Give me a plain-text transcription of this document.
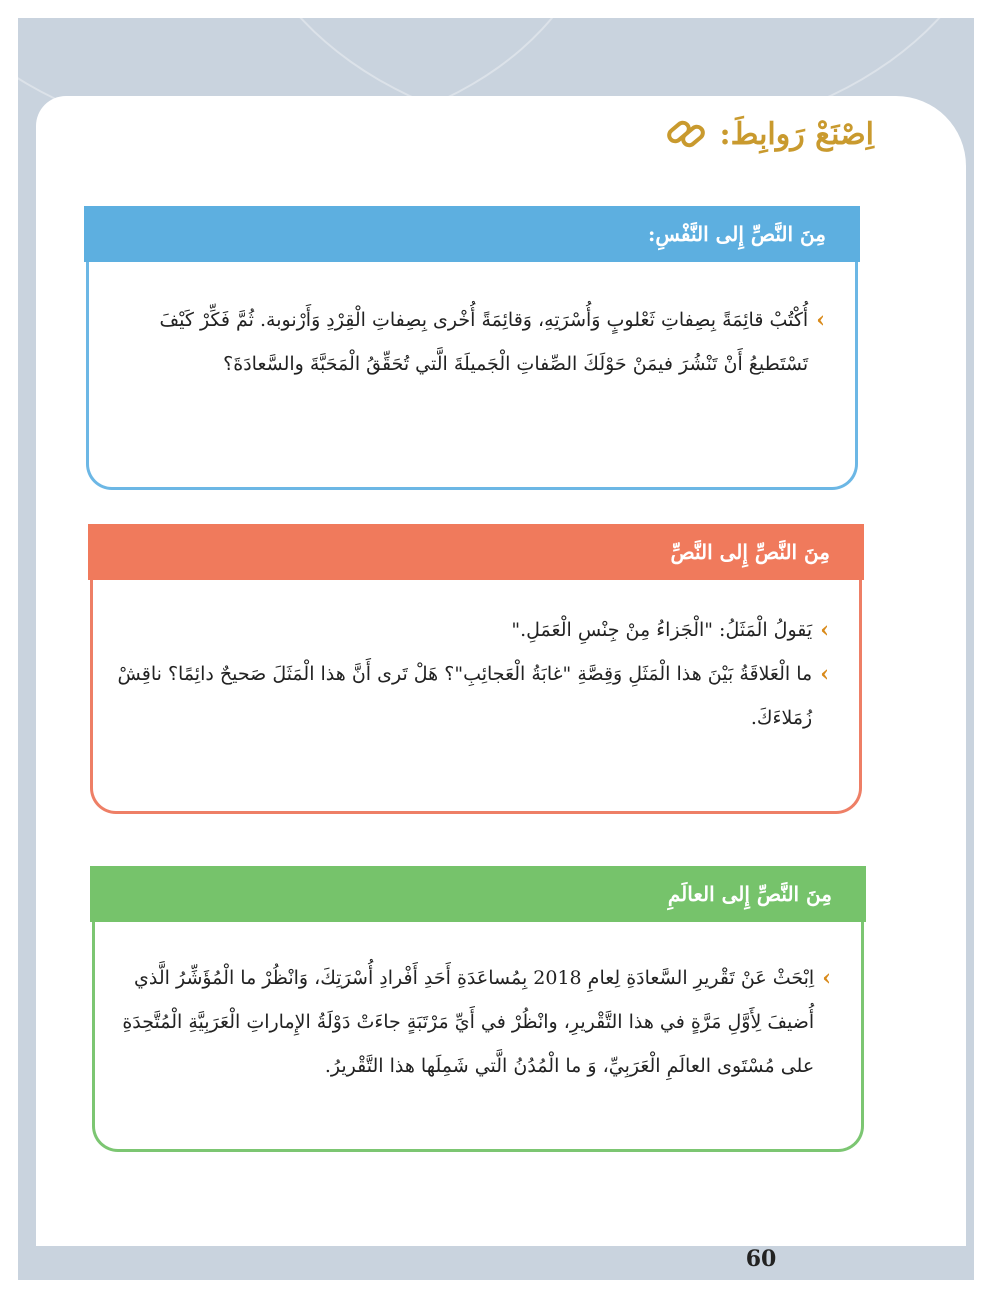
اِصْنَعْ رَوابِطَ:
مِنَ النَّصِّ إِلى النَّفْسِ:
›
أُكْتُبْ قائِمَةً بِصِفاتِ ثَعْلوبٍ وَأُسْرَتِهِ، وَقائِمَةً أُخْرى بِصِفاتِ الْقِرْدِ وَأَرْنوبة. ثُمَّ فَكِّرْ كَيْفَ تَسْتَطيعُ أَنْ تَنْشُرَ فيمَنْ حَوْلَكَ الصِّفاتِ الْجَميلَةَ الَّتي تُحَقِّقُ الْمَحَبَّةَ والسَّعادَةَ؟
مِنَ النَّصِّ إِلى النَّصِّ
›
يَقولُ الْمَثَلُ: "الْجَزاءُ مِنْ جِنْسِ الْعَمَلِ."
›
ما الْعَلاقَةُ بَيْنَ هذا الْمَثَلِ وَقِصَّةِ "غابَةُ الْعَجائِبِ"؟ هَلْ تَرى أَنَّ هذا الْمَثَلَ صَحيحٌ دائِمًا؟ ناقِشْ زُمَلاءَكَ.
مِنَ النَّصِّ إِلى العالَمِ
›
اِبْحَثْ عَنْ تَقْريرِ السَّعادَةِ لِعامِ 2018 بِمُساعَدَةِ أَحَدِ أَفْرادِ أُسْرَتِكَ، وَانْظُرْ ما الْمُؤَشِّرُ الَّذي أُضيفَ لِأَوَّلِ مَرَّةٍ في هذا التَّقْريرِ، وانْظُرْ في أَيِّ مَرْتَبَةٍ جاءَتْ دَوْلَةُ الإِماراتِ الْعَرَبِيَّةِ الْمُتَّحِدَةِ على مُسْتَوى العالَمِ الْعَرَبِيِّ، وَ ما الْمُدُنُ الَّتي شَمِلَها هذا التَّقْريرُ.
60
